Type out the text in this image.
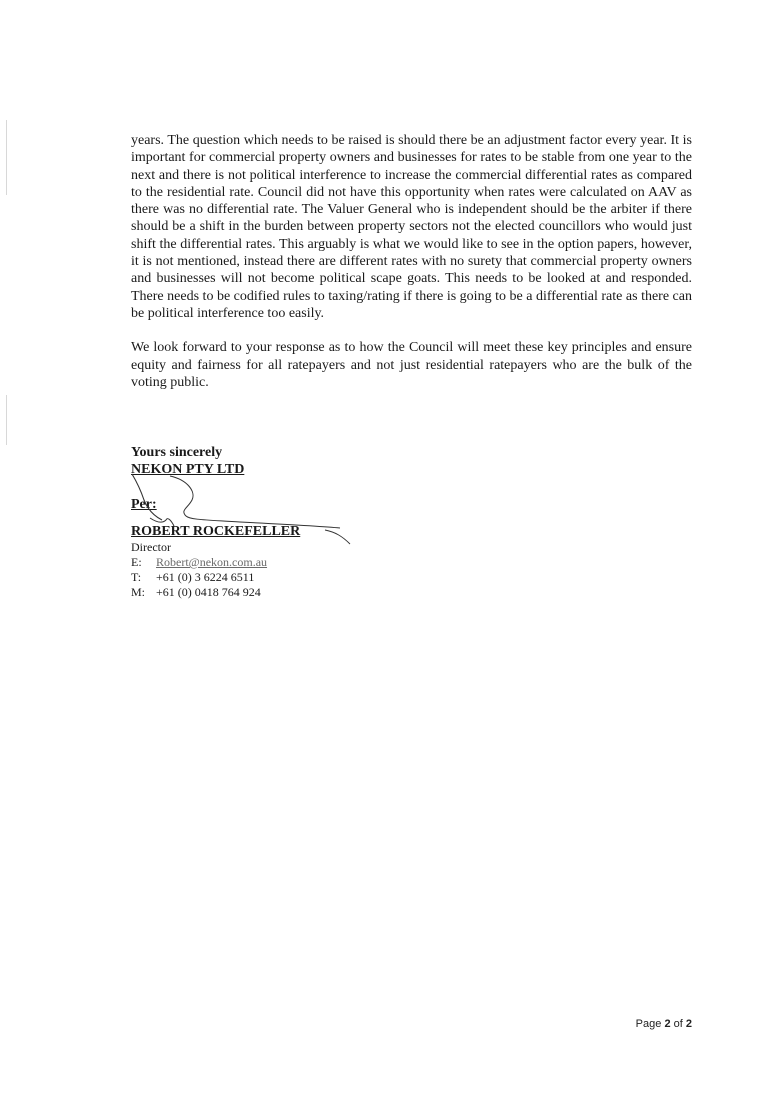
years. The question which needs to be raised is should there be an adjustment factor every year. It is important for commercial property owners and businesses for rates to be stable from one year to the next and there is not political interference to increase the commercial differential rates as compared to the residential rate. Council did not have this opportunity when rates were calculated on AAV as there was no differential rate. The Valuer General who is independent should be the arbiter if there should be a shift in the burden between property sectors not the elected councillors who would just shift the differential rates. This arguably is what we would like to see in the option papers, however, it is not mentioned, instead there are different rates with no surety that commercial property owners and businesses will not become political scape goats. This needs to be looked at and responded. There needs to be codified rules to taxing/rating if there is going to be a differential rate as there can be political interference too easily.

We look forward to your response as to how the Council will meet these key principles and ensure equity and fairness for all ratepayers and not just residential ratepayers who are the bulk of the voting public.

Yours sincerely
NEKON PTY LTD
Per:
ROBERT ROCKEFELLER
Director
E: Robert@nekon.com.au
T: +61 (0) 3 6224 6511
M: +61 (0) 0418 764 924
Page 2 of 2
